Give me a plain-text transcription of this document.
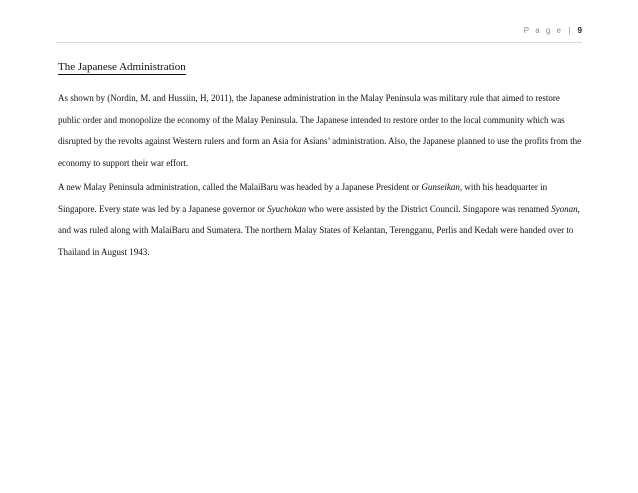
P a g e | 9
The Japanese Administration

As shown by (Nordin, M. and Hussiin, H, 2011), the Japanese administration in the Malay Peninsula was military rule that aimed to restore public order and monopolize the economy of the Malay Peninsula. The Japanese intended to restore order to the local community which was disrupted by the revolts against Western rulers and form an Asia for Asians’ administration. Also, the Japanese planned to use the profits from the economy to support their war effort.

A new Malay Peninsula administration, called the MalaiBaru was headed by a Japanese President or Gunseikan, with his headquarter in Singapore. Every state was led by a Japanese governor or Syuchokan who were assisted by the District Council. Singapore was renamed Syonan, and was ruled along with MalaiBaru and Sumatera. The northern Malay States of Kelantan, Terengganu, Perlis and Kedah were handed over to Thailand in August 1943.
